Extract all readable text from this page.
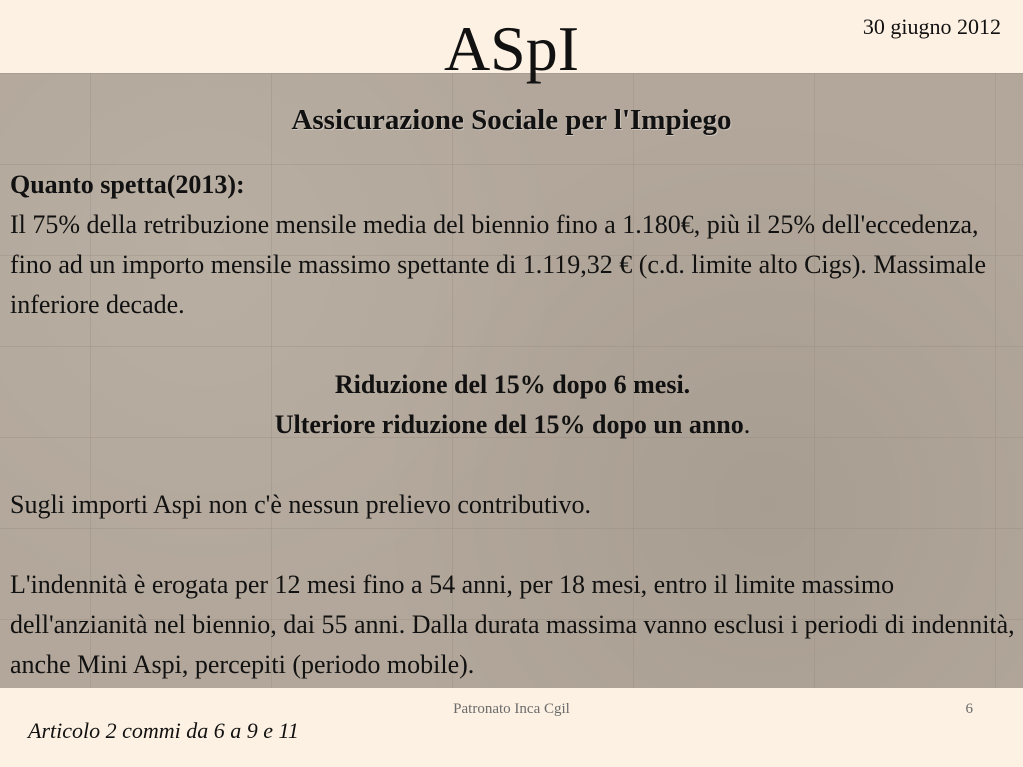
ASpI	30 giugno 2012
Assicurazione Sociale per l'Impiego

Quanto spetta(2013):

Il 75% della retribuzione mensile media del biennio fino a 1.180€, più il 25% dell'eccedenza, fino ad un importo mensile massimo spettante di 1.119,32 € (c.d. limite alto Cigs). Massimale inferiore decade.

Riduzione del 15% dopo 6 mesi.

Ulteriore riduzione del 15% dopo un anno.

Sugli importi Aspi non c'è nessun prelievo contributivo.

L'indennità è erogata per 12 mesi fino a 54 anni, per 18 mesi, entro il limite massimo dell'anzianità nel biennio, dai 55 anni. Dalla durata massima vanno esclusi i periodi di indennità, anche Mini Aspi, percepiti (periodo mobile).

Patronato Inca Cgil	6
Articolo 2 commi da 6 a 9 e 11
